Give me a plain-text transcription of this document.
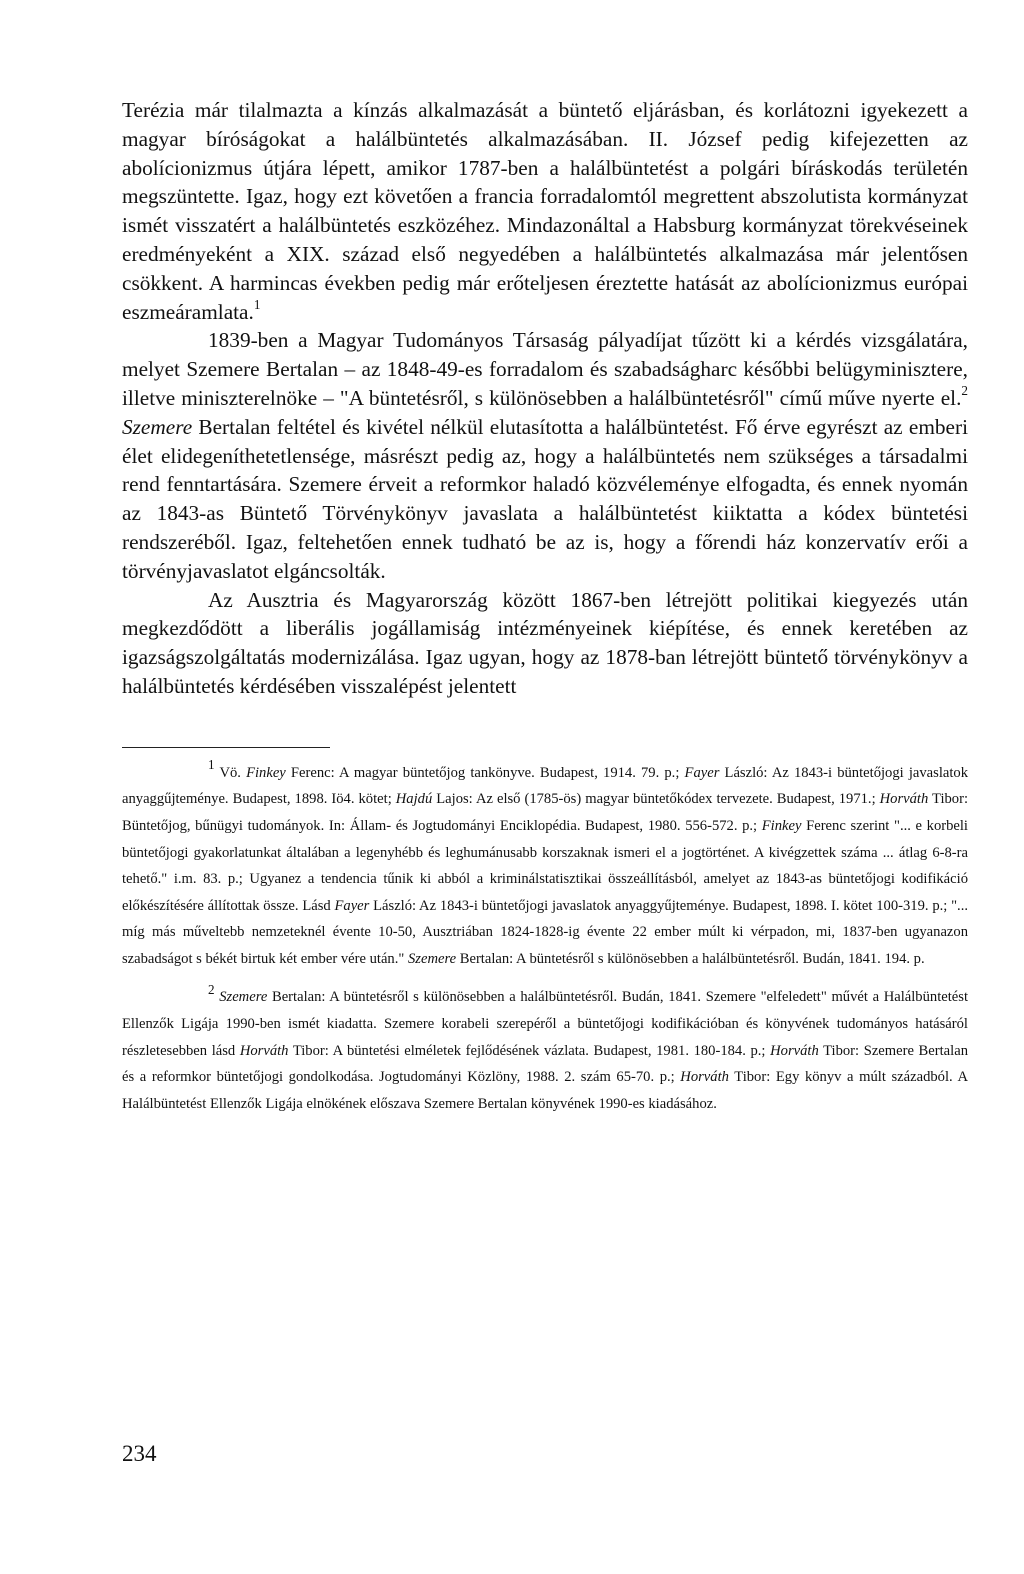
Terézia már tilalmazta a kínzás alkalmazását a büntető eljárásban, és korlátozni igyekezett a magyar bíróságokat a halálbüntetés alkalmazásában. II. József pedig kifejezetten az abolícionizmus útjára lépett, amikor 1787-ben a halálbüntetést a polgári bíráskodás területén megszüntette. Igaz, hogy ezt követően a francia forradalomtól megrettent abszolutista kormányzat ismét visszatért a halálbüntetés eszközéhez. Mindazonáltal a Habsburg kormányzat törekvéseinek eredményeként a XIX. század első negyedében a halálbüntetés alkalmazása már jelentősen csökkent. A harmincas években pedig már erőteljesen éreztette hatását az abolícionizmus európai eszmeáramlata.$^1$

1839-ben a Magyar Tudományos Társaság pályadíjat tűzött ki a kérdés vizsgálatára, melyet Szemere Bertalan – az 1848-49-es forradalom és szabadságharc későbbi belügyminisztere, illetve miniszterelnöke – "A büntetésről, s különösebben a halálbüntetésről" című műve nyerte el.$^2$ Szemere Bertalan feltétel és kivétel nélkül elutasította a halálbüntetést. Fő érve egyrészt az emberi élet elidegeníthetetlensége, másrészt pedig az, hogy a halálbüntetés nem szükséges a társadalmi rend fenntartására. Szemere érveit a reformkor haladó közvéleménye elfogadta, és ennek nyomán az 1843-as Büntető Törvénykönyv javaslata a halálbüntetést kiiktatta a kódex büntetési rendszeréből. Igaz, feltehetően ennek tudható be az is, hogy a főrendi ház konzervatív erői a törvényjavaslatot elgáncsolták.

Az Ausztria és Magyarország között 1867-ben létrejött politikai kiegyezés után megkezdődött a liberális jogállamiság intézményeinek kiépítése, és ennek keretében az igazságszolgáltatás modernizálása. Igaz ugyan, hogy az 1878-ban létrejött büntető törvénykönyv a halálbüntetés kérdésében visszalépést jelentett

$^1$ Vö. Finkey Ferenc: A magyar büntetőjog tankönyve. Budapest, 1914. 79. p.; Fayer László: Az 1843-i büntetőjogi javaslatok anyaggűjteménye. Budapest, 1898. Iö4. kötet; Hajdú Lajos: Az első (1785-ös) magyar büntetőkódex tervezete. Budapest, 1971.; Horváth Tibor: Büntetőjog, bűnügyi tudományok. In: Állam- és Jogtudományi Enciklopédia. Budapest, 1980. 556-572. p.; Finkey Ferenc szerint "... e korbeli büntetőjogi gyakorlatunkat általában a legenyhébb és leghumánusabb korszaknak ismeri el a jogtörténet. A kivégzettek száma ... átlag 6-8-ra tehető." i.m. 83. p.; Ugyanez a tendencia tűnik ki abból a kriminálstatisztikai összeállításból, amelyet az 1843-as büntetőjogi kodifikáció előkészítésére állítottak össze. Lásd Fayer László: Az 1843-i büntetőjogi javaslatok anyaggyűjteménye. Budapest, 1898. I. kötet 100-319. p.; "... míg más műveltebb nemzeteknél évente 10-50, Ausztriában 1824-1828-ig évente 22 ember múlt ki vérpadon, mi, 1837-ben ugyanazon szabadságot s békét birtuk két ember vére után." Szemere Bertalan: A büntetésről s különösebben a halálbüntetésről. Budán, 1841. 194. p.

$^2$ Szemere Bertalan: A büntetésről s különösebben a halálbüntetésről. Budán, 1841. Szemere "elfeledett" művét a Halálbüntetést Ellenzők Ligája 1990-ben ismét kiadatta. Szemere korabeli szerepéről a büntetőjogi kodifikációban és könyvének tudományos hatásáról részletesebben lásd Horváth Tibor: A büntetési elméletek fejlődésének vázlata. Budapest, 1981. 180-184. p.; Horváth Tibor: Szemere Bertalan és a reformkor büntetőjogi gondolkodása. Jogtudományi Közlöny, 1988. 2. szám 65-70. p.; Horváth Tibor: Egy könyv a múlt századból. A Halálbüntetést Ellenzők Ligája elnökének előszava Szemere Bertalan könyvének 1990-es kiadásához.

234
